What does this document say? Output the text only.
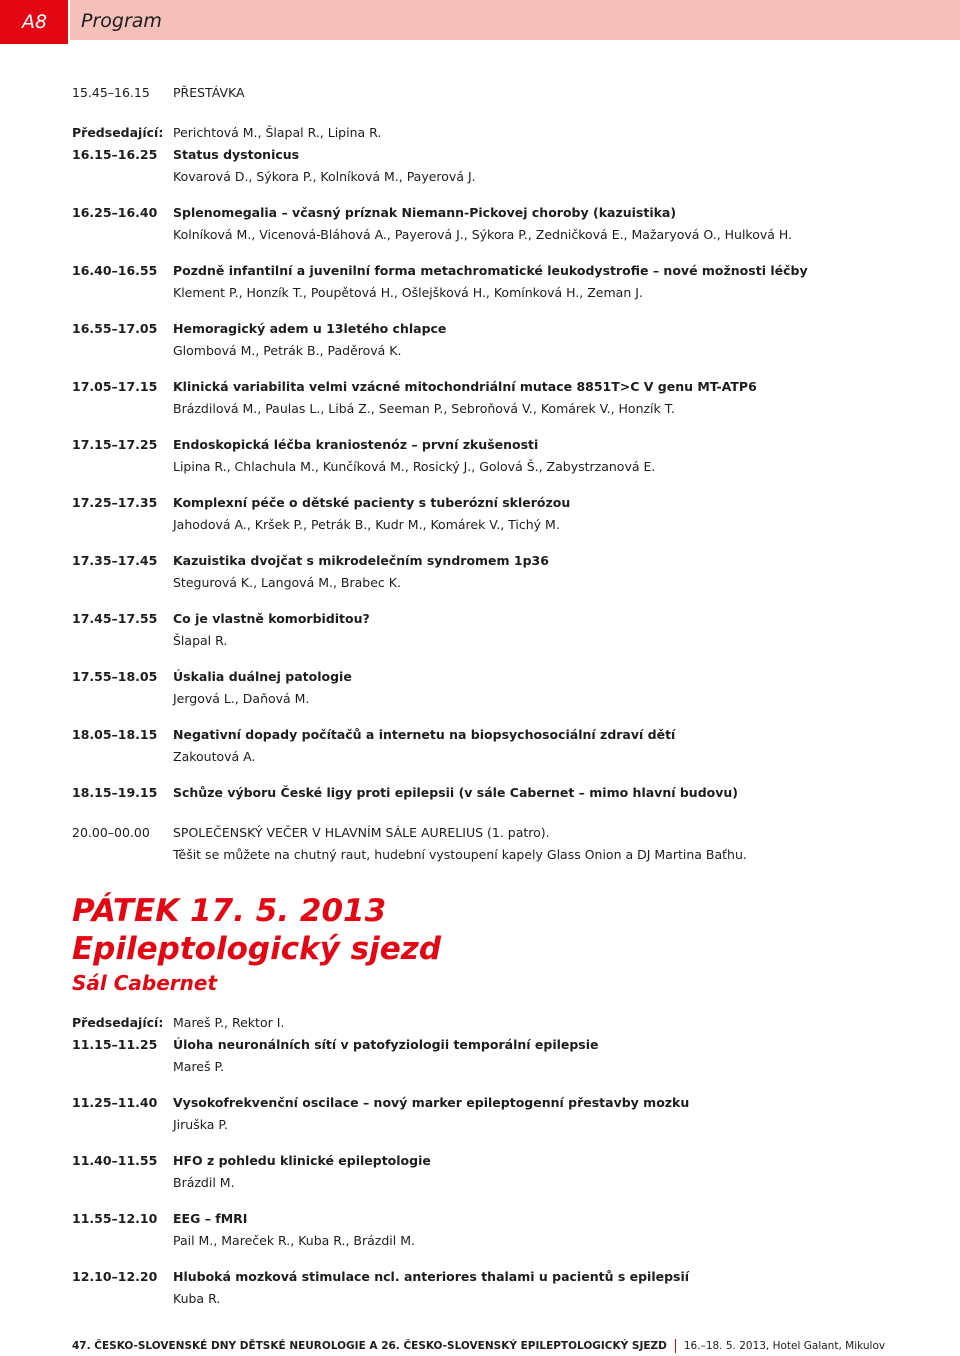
A8	Program
15.45–16.15	PŘESTÁVKA
Předsedající: Perichtová M., Šlapal R., Lipina R.
16.15–16.25	Status dystonicus
Kovarová D., Sýkora P., Kolníková M., Payerová J.
16.25–16.40	Splenomegalia – včasný príznak Niemann-Pickovej choroby (kazuistika)
Kolníková M., Vicenová-Bláhová A., Payerová J., Sýkora P., Zedničková E., Mažaryová O., Hulková H.
16.40–16.55	Pozdně infantilní a juvenilní forma metachromatické leukodystrofie – nové možnosti léčby
Klement P., Honzík T., Poupětová H., Ošlejšková H., Komínková H., Zeman J.
16.55–17.05	Hemoragický adem u 13letého chlapce
Glombová M., Petrák B., Paděrová K.
17.05–17.15	Klinická variabilita velmi vzácné mitochondriální mutace 8851T>C V genu MT-ATP6
Brázdilová M., Paulas L., Libá Z., Seeman P., Sebroňová V., Komárek V., Honzík T.
17.15–17.25	Endoskopická léčba kraniostenóz – první zkušenosti
Lipina R., Chlachula M., Kunčíková M., Rosický J., Golová Š., Zabystrzanová E.
17.25–17.35	Komplexní péče o dětské pacienty s tuberózní sklerózou
Jahodová A., Kršek P., Petrák B., Kudr M., Komárek V., Tichý M.
17.35–17.45	Kazuistika dvojčat s mikrodelečním syndromem 1p36
Stegurová K., Langová M., Brabec K.
17.45–17.55	Co je vlastně komorbiditou?
Šlapal R.
17.55–18.05	Úskalia duálnej patologie
Jergová L., Daňová M.
18.05–18.15	Negativní dopady počítačů a internetu na biopsychosociální zdraví dětí
Zakoutová A.
18.15–19.15	Schůze výboru České ligy proti epilepsii (v sále Cabernet – mimo hlavní budovu)
20.00–00.00	SPOLEČENSKÝ VEČER V HLAVNÍM SÁLE AURELIUS (1. patro).
Těšit se můžete na chutný raut, hudební vystoupení kapely Glass Onion a DJ Martina Baťhu.
PÁTEK 17. 5. 2013
Epileptologický sjezd
Sál Cabernet
Předsedající: Mareš P., Rektor I.
11.15–11.25	Úloha neuronálních sítí v patofyziologii temporální epilepsie
Mareš P.
11.25–11.40	Vysokofrekvenční oscilace – nový marker epileptogenní přestavby mozku
Jiruška P.
11.40–11.55	HFO z pohledu klinické epileptologie
Brázdil M.
11.55–12.10	EEG – fMRI
Pail M., Mareček R., Kuba R., Brázdil M.
12.10–12.20	Hluboká mozková stimulace ncl. anteriores thalami u pacientů s epilepsií
Kuba R.
47. ČESKO-SLOVENSKÉ DNY DĚTSKÉ NEUROLOGIE A 26. ČESKO-SLOVENSKÝ EPILEPTOLOGICKÝ SJEZD 16.–18. 5. 2013, Hotel Galant, Mikulov
